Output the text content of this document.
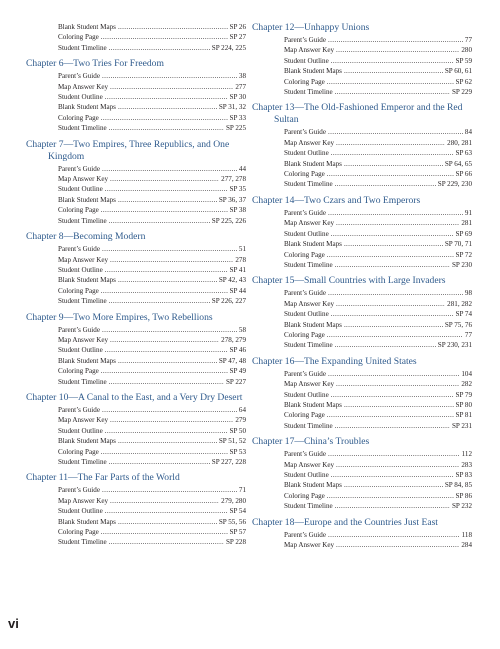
Blank Student Maps .....	SP 26
Coloring Page .....	SP 27
Student Timeline .....	SP 224, 225
Chapter 6—Two Tries For Freedom
Parent’s Guide .....	38
Map Answer Key .....	277
Student Outline .....	SP 30
Blank Student Maps .....	SP 31, 32
Coloring Page .....	SP 33
Student Timeline .....	SP 225
Chapter 7—Two Empires, Three Republics, and One Kingdom
Parent’s Guide .....	44
Map Answer Key .....	277, 278
Student Outline .....	SP 35
Blank Student Maps .....	SP 36, 37
Coloring Page .....	SP 38
Student Timeline .....	SP 225, 226
Chapter 8—Becoming Modern
Parent’s Guide .....	51
Map Answer Key .....	278
Student Outline .....	SP 41
Blank Student Maps .....	SP 42, 43
Coloring Page .....	SP 44
Student Timeline .....	SP 226, 227
Chapter 9—Two More Empires, Two Rebellions
Parent’s Guide .....	58
Map Answer Key .....	278, 279
Student Outline .....	SP 46
Blank Student Maps .....	SP 47, 48
Coloring Page .....	SP 49
Student Timeline .....	SP 227
Chapter 10—A Canal to the East, and a Very Dry Desert
Parent’s Guide .....	64
Map Answer Key .....	279
Student Outline .....	SP 50
Blank Student Maps .....	SP 51, 52
Coloring Page .....	SP 53
Student Timeline .....	SP 227, 228
Chapter 11—The Far Parts of the World
Parent’s Guide .....	71
Map Answer Key .....	279, 280
Student Outline .....	SP 54
Blank Student Maps .....	SP 55, 56
Coloring Page .....	SP 57
Student Timeline .....	SP 228
Chapter 12—Unhappy Unions
Parent’s Guide .....	77
Map Answer Key .....	280
Student Outline .....	SP 59
Blank Student Maps .....	SP 60, 61
Coloring Page .....	SP 62
Student Timeline .....	SP 229
Chapter 13—The Old-Fashioned Emperor and the Red Sultan
Parent’s Guide .....	84
Map Answer Key .....	280, 281
Student Outline .....	SP 63
Blank Student Maps .....	SP 64, 65
Coloring Page .....	SP 66
Student Timeline .....	SP 229, 230
Chapter 14—Two Czars and Two Emperors
Parent’s Guide .....	91
Map Answer Key .....	281
Student Outline .....	SP 69
Blank Student Maps .....	SP 70, 71
Coloring Page .....	SP 72
Student Timeline .....	SP 230
Chapter 15—Small Countries with Large Invaders
Parent’s Guide .....	98
Map Answer Key .....	281, 282
Student Outline .....	SP 74
Blank Student Maps .....	SP 75, 76
Coloring Page .....	77
Student Timeline .....	SP 230, 231
Chapter 16—The Expanding United States
Parent’s Guide .....	104
Map Answer Key .....	282
Student Outline .....	SP 79
Blank Student Maps .....	SP 80
Coloring Page .....	SP 81
Student Timeline .....	SP 231
Chapter 17—China’s Troubles
Parent’s Guide .....	112
Map Answer Key .....	283
Student Outline .....	SP 83
Blank Student Maps .....	SP 84, 85
Coloring Page .....	SP 86
Student Timeline .....	SP 232
Chapter 18—Europe and the Countries Just East
Parent’s Guide .....	118
Map Answer Key .....	284
vi
